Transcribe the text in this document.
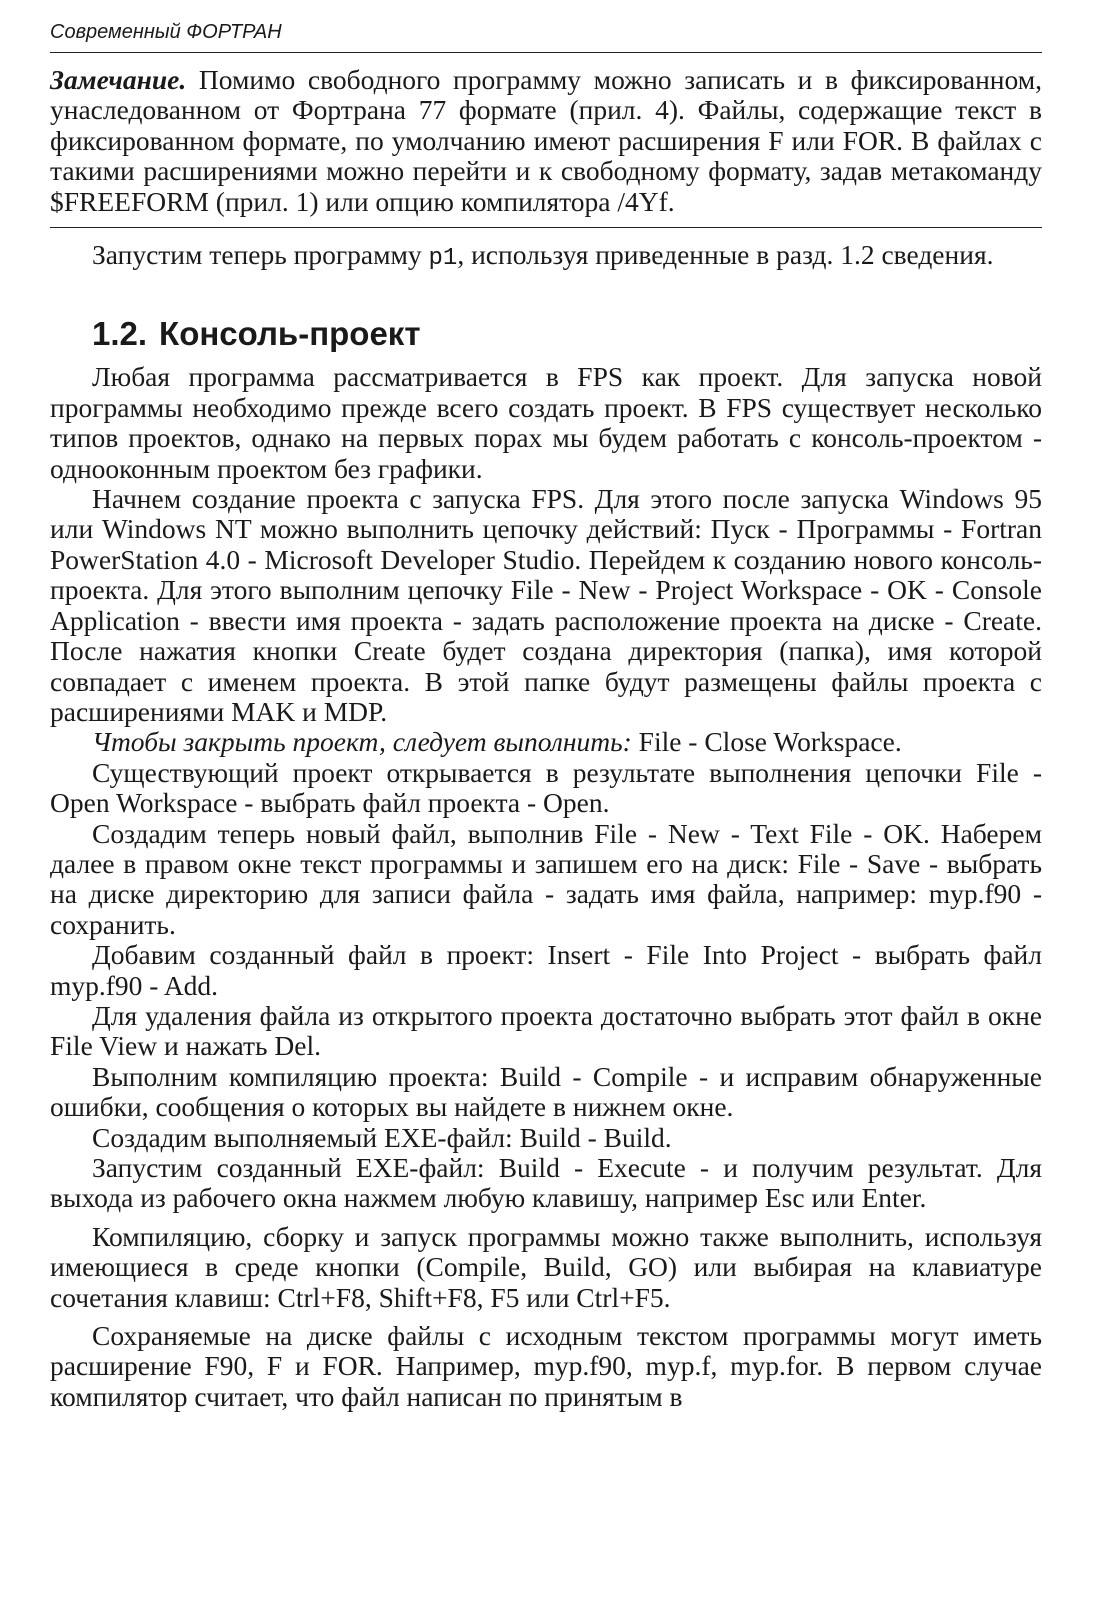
Современный ФОРТРАН

Замечание. Помимо свободного программу можно записать и в фиксированном, унаследованном от Фортрана 77 формате (прил. 4). Файлы, содержащие текст в фиксированном формате, по умолчанию имеют расширения F или FOR. В файлах с такими расширениями можно перейти и к свободному формату, задав метакоманду $FREEFORM (прил. 1) или опцию компилятора /4Yf.

Запустим теперь программу p1, используя приведенные в разд. 1.2 сведения.

1.2. Консоль-проект

Любая программа рассматривается в FPS как проект. Для запуска новой программы необходимо прежде всего создать проект. В FPS существует несколько типов проектов, однако на первых порах мы будем работать с консоль-проектом - однооконным проектом без графики.

Начнем создание проекта с запуска FPS. Для этого после запуска Windows 95 или Windows NT можно выполнить цепочку действий: Пуск - Программы - Fortran PowerStation 4.0 - Microsoft Developer Studio. Перейдем к созданию нового консоль-проекта. Для этого выполним цепочку File - New - Project Workspace - OK - Console Application - ввести имя проекта - задать расположение проекта на диске - Create. После нажатия кнопки Create будет создана директория (папка), имя которой совпадает с именем проекта. В этой папке будут размещены файлы проекта с расширениями MAK и MDP.

Чтобы закрыть проект, следует выполнить: File - Close Workspace.

Существующий проект открывается в результате выполнения цепочки File - Open Workspace - выбрать файл проекта - Open.

Создадим теперь новый файл, выполнив File - New - Text File - OK. Наберем далее в правом окне текст программы и запишем его на диск: File - Save - выбрать на диске директорию для записи файла - задать имя файла, например: myp.f90 - сохранить.

Добавим созданный файл в проект: Insert - File Into Project - выбрать файл myp.f90 - Add.

Для удаления файла из открытого проекта достаточно выбрать этот файл в окне File View и нажать Del.

Выполним компиляцию проекта: Build - Compile - и исправим обнаруженные ошибки, сообщения о которых вы найдете в нижнем окне.

Создадим выполняемый EXE-файл: Build - Build.

Запустим созданный EXE-файл: Build - Execute - и получим результат. Для выхода из рабочего окна нажмем любую клавишу, например Esc или Enter.

Компиляцию, сборку и запуск программы можно также выполнить, используя имеющиеся в среде кнопки (Compile, Build, GO) или выбирая на клавиатуре сочетания клавиш: Ctrl+F8, Shift+F8, F5 или Ctrl+F5.

Сохраняемые на диске файлы с исходным текстом программы могут иметь расширение F90, F и FOR. Например, myp.f90, myp.f, myp.for. В первом случае компилятор считает, что файл написан по принятым в
